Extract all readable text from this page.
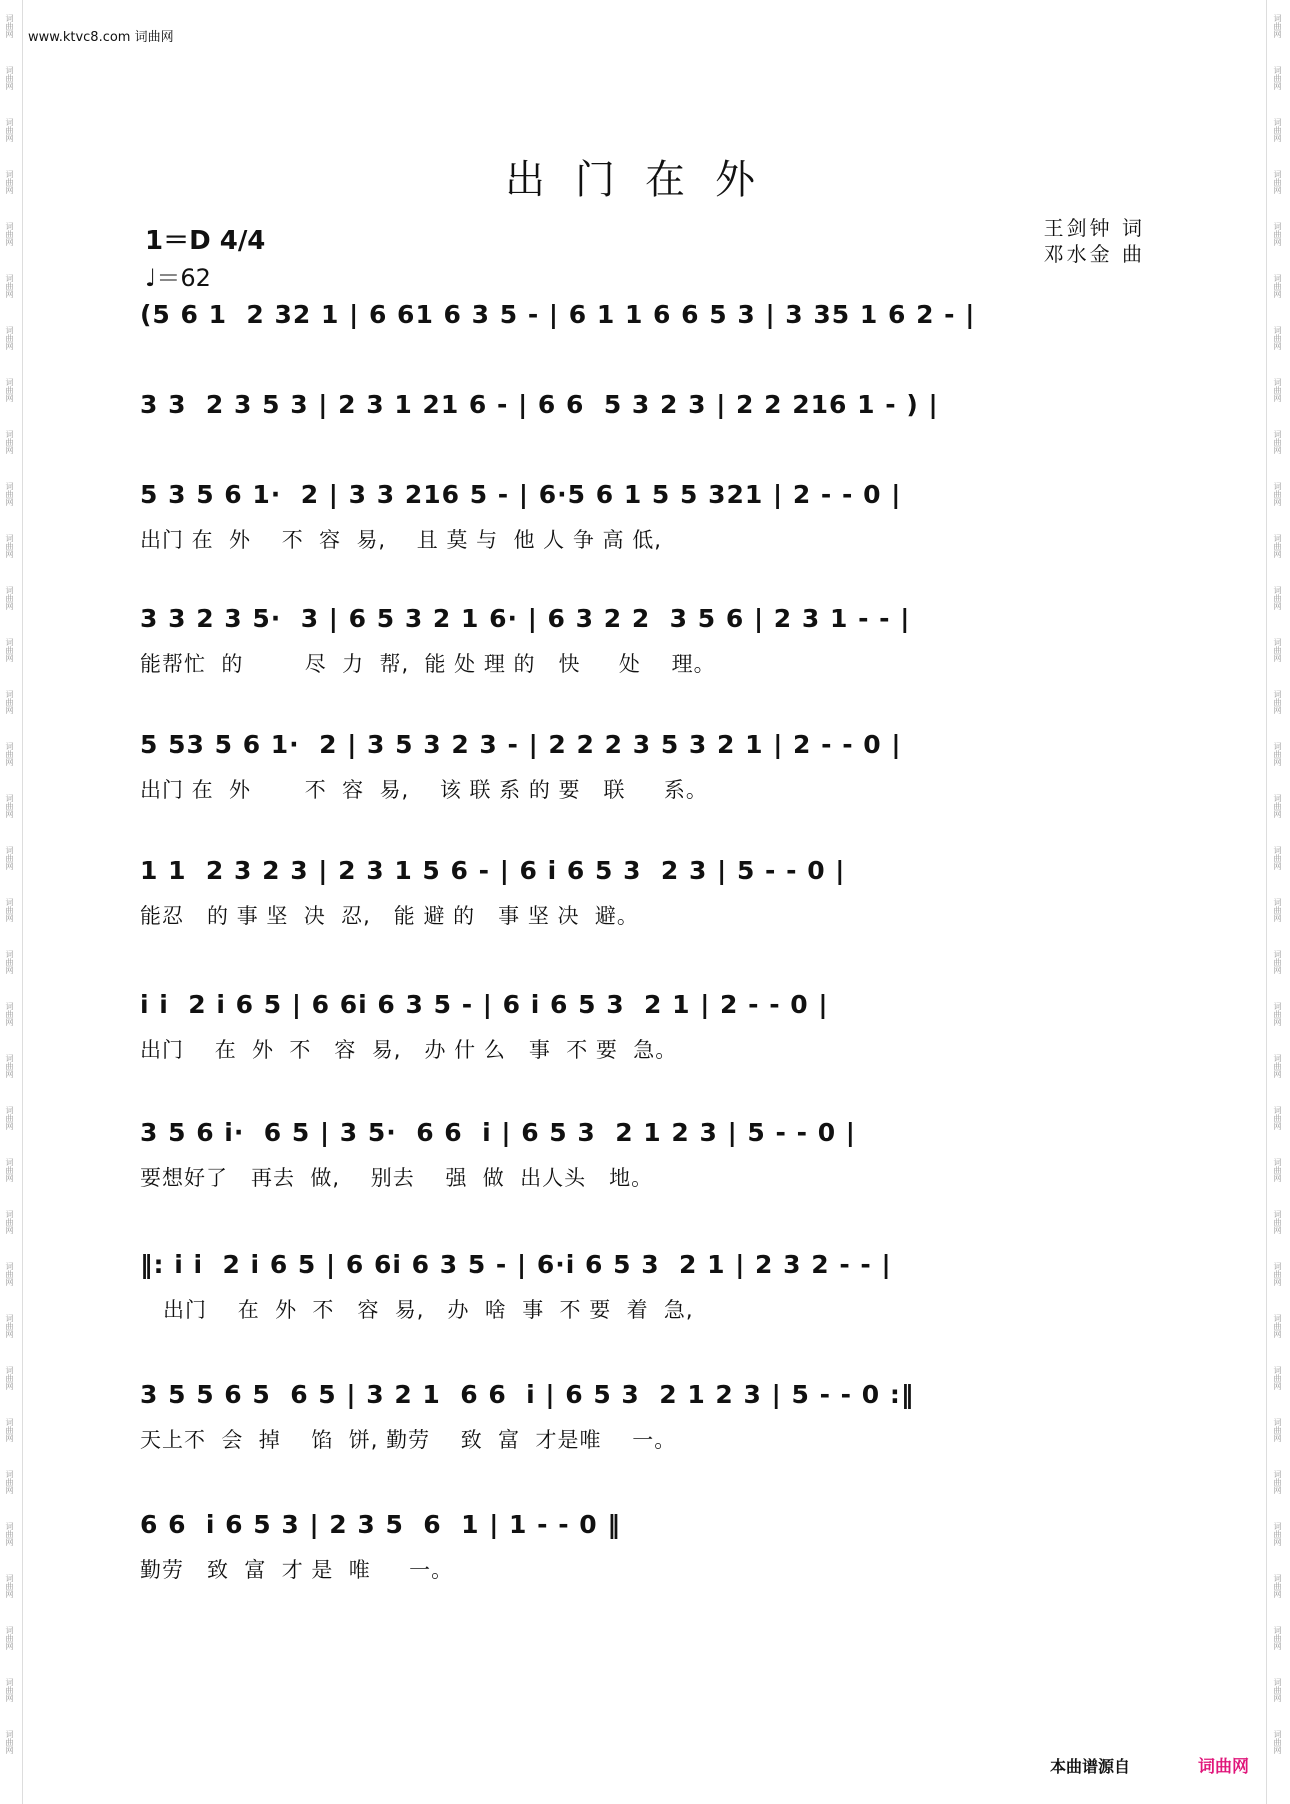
词曲网
词曲网
词曲网
词曲网
词曲网
词曲网
词曲网
词曲网
词曲网
词曲网
词曲网
词曲网
词曲网
词曲网
词曲网
词曲网
词曲网
词曲网
词曲网
词曲网
词曲网
词曲网
词曲网
词曲网
词曲网
词曲网
词曲网
词曲网
词曲网
词曲网
词曲网
词曲网
词曲网
词曲网
词曲网
词曲网
词曲网
词曲网
词曲网
词曲网
词曲网
词曲网
词曲网
词曲网
词曲网
词曲网
词曲网
词曲网
词曲网
词曲网
词曲网
词曲网
词曲网
词曲网
词曲网
词曲网
词曲网
词曲网
词曲网
词曲网
词曲网
词曲网
词曲网
词曲网
词曲网
词曲网
词曲网
词曲网
www.ktvc8.com 词曲网
出门在外
1＝D 4/4
♩＝62
王剑钟 词
邓水金 曲
(5 6 1  2 32 1 | 6 61 6 3 5 - | 6 1 1 6 6 5 3 | 3 35 1 6 2 - |
3 3  2 3 5 3 | 2 3 1 21 6 - | 6 6  5 3 2 3 | 2 2 216 1 - ) |
5 3 5 6 1·  2 | 3 3 216 5 - | 6·5 6 1 5 5 321 | 2 - - 0 |
出门 在  外    不  容  易,    且 莫 与  他 人 争 高 低,
3 3 2 3 5·  3 | 6 5 3 2 1 6· | 6 3 2 2  3 5 6 | 2 3 1 - - |
能帮忙  的        尽  力  帮,  能 处 理 的   快     处    理。
5 53 5 6 1·  2 | 3 5 3 2 3 - | 2 2 2 3 5 3 2 1 | 2 - - 0 |
出门 在  外       不  容  易,    该 联 系 的 要   联     系。
1 1  2 3 2 3 | 2 3 1 5 6 - | 6 i 6 5 3  2 3 | 5 - - 0 |
能忍   的 事 坚  决  忍,   能 避 的   事 坚 决  避。
i i  2 i 6 5 | 6 6i 6 3 5 - | 6 i 6 5 3  2 1 | 2 - - 0 |
出门    在  外  不   容  易,   办 什 么   事  不 要  急。
3 5 6 i·  6 5 | 3 5·  6 6  i | 6 5 3  2 1 2 3 | 5 - - 0 |
要想好了   再去  做,    别去    强  做  出人头   地。
‖: i i  2 i 6 5 | 6 6i 6 3 5 - | 6·i 6 5 3  2 1 | 2 3 2 - - |
出门    在  外  不   容  易,   办  啥  事  不 要  着  急,
3 5 5 6 5  6 5 | 3 2 1  6 6  i | 6 5 3  2 1 2 3 | 5 - - 0 :‖
天上不  会  掉    馅  饼, 勤劳    致  富  才是唯    一。
6 6  i 6 5 3 | 2 3 5  6  1 | 1 - - 0 ‖
勤劳   致  富  才 是  唯     一。
本曲谱源自	词曲网
